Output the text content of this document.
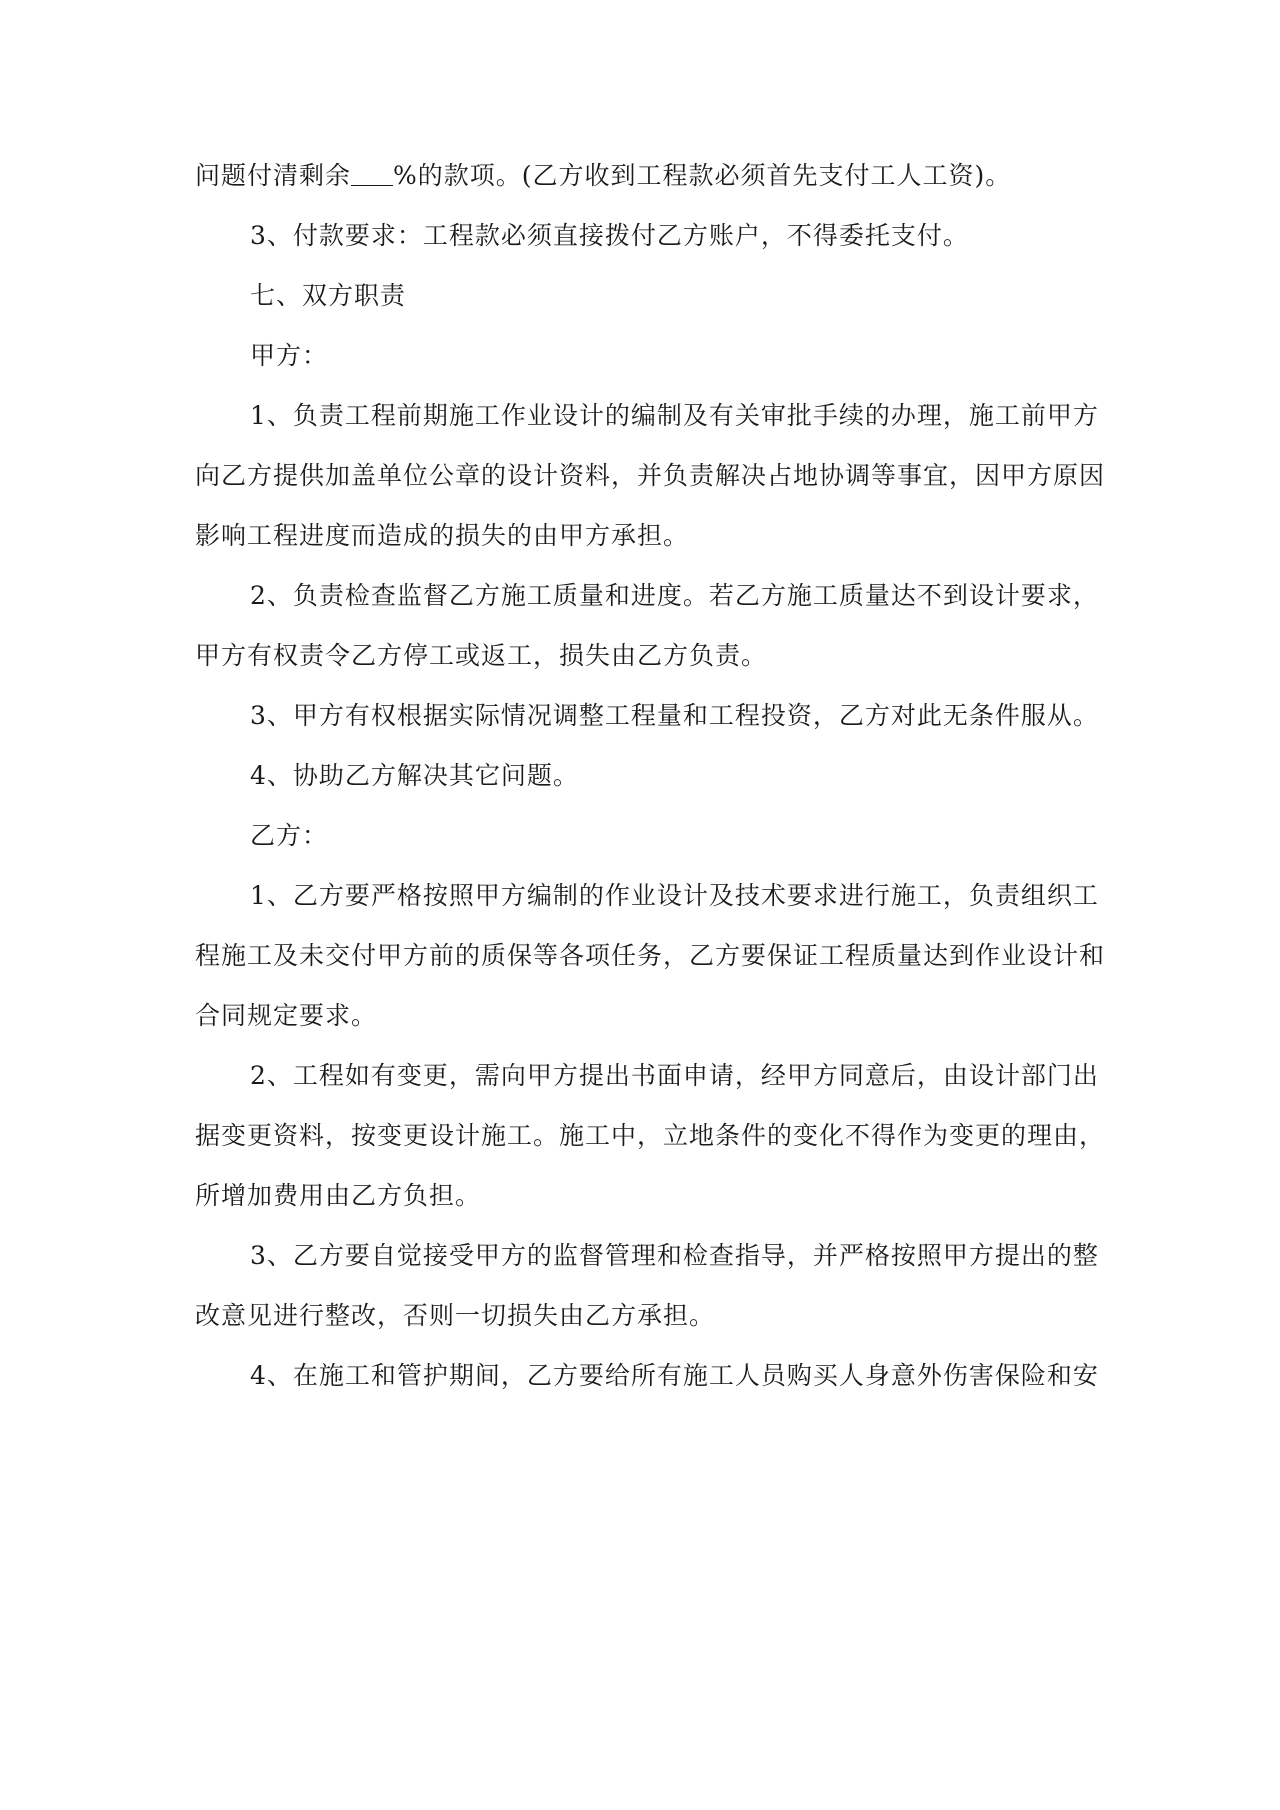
问题付清剩余 %的款项。(乙方收到工程款必须首先支付工人工资)。
3、付款要求：工程款必须直接拨付乙方账户，不得委托支付。
七、双方职责
甲方：
1、负责工程前期施工作业设计的编制及有关审批手续的办理，施工前甲方
向乙方提供加盖单位公章的设计资料，并负责解决占地协调等事宜，因甲方原因
影响工程进度而造成的损失的由甲方承担。
2、负责检查监督乙方施工质量和进度。若乙方施工质量达不到设计要求，
甲方有权责令乙方停工或返工，损失由乙方负责。
3、甲方有权根据实际情况调整工程量和工程投资，乙方对此无条件服从。
4、协助乙方解决其它问题。
乙方：
1、乙方要严格按照甲方编制的作业设计及技术要求进行施工，负责组织工
程施工及未交付甲方前的质保等各项任务，乙方要保证工程质量达到作业设计和
合同规定要求。
2、工程如有变更，需向甲方提出书面申请，经甲方同意后，由设计部门出
据变更资料，按变更设计施工。施工中，立地条件的变化不得作为变更的理由，
所增加费用由乙方负担。
3、乙方要自觉接受甲方的监督管理和检查指导，并严格按照甲方提出的整
改意见进行整改，否则一切损失由乙方承担。
4、在施工和管护期间，乙方要给所有施工人员购买人身意外伤害保险和安
